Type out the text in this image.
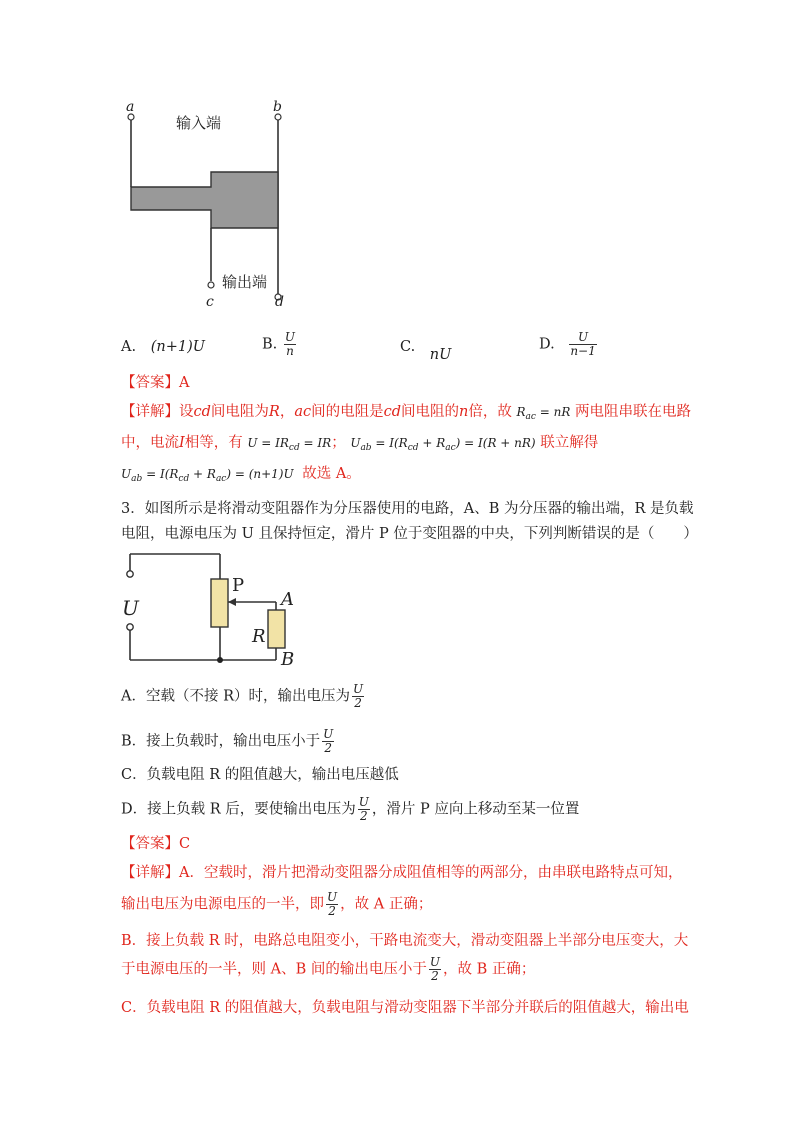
a	b
输入端
输出端
c	d
A. (n+1)U	B. $\frac{U}{n}$	C. nU
D. $\frac{U}{n-1}$
【答案】A
【详解】设cd间电阻为R，ac间的电阻是cd间电阻的n倍，故 $R_{ac}$ = nR 两电阻串联在电路
中，电流I相等，有 $U = IR_{cd}$ = IR； $U_{ab} = I(R_{cd} + R_{ac}) = I(R + nR)$ 联立解得
$U_{ab} = I(R_{cd} + R_{ac}) = (n+1)U$ 故选 A。
3．如图所示是将滑动变阻器作为分压器使用的电路，A、B 为分压器的输出端，R 是负载
电阻，电源电压为 U 且保持恒定，滑片 P 位于变阻器的中央，下列判断错误的是（　　）
U
P
A
R
B
A．空载（不接 R）时，输出电压为 $\frac{U}{2}$
B．接上负载时，输出电压小于 $\frac{U}{2}$
C．负载电阻 R 的阻值越大，输出电压越低
D．接上负载 R 后，要使输出电压为 $\frac{U}{2}$ ，滑片 P 应向上移动至某一位置
【答案】C
【详解】A．空载时，滑片把滑动变阻器分成阻值相等的两部分，由串联电路特点可知，
输出电压为电源电压的一半，即 $\frac{U}{2}$ ，故 A 正确；
B．接上负载 R 时，电路总电阻变小，干路电流变大，滑动变阻器上半部分电压变大，大
于电源电压的一半，则 A、B 间的输出电压小于 $\frac{U}{2}$ ，故 B 正确；
C．负载电阻 R 的阻值越大，负载电阻与滑动变阻器下半部分并联后的阻值越大，输出电
